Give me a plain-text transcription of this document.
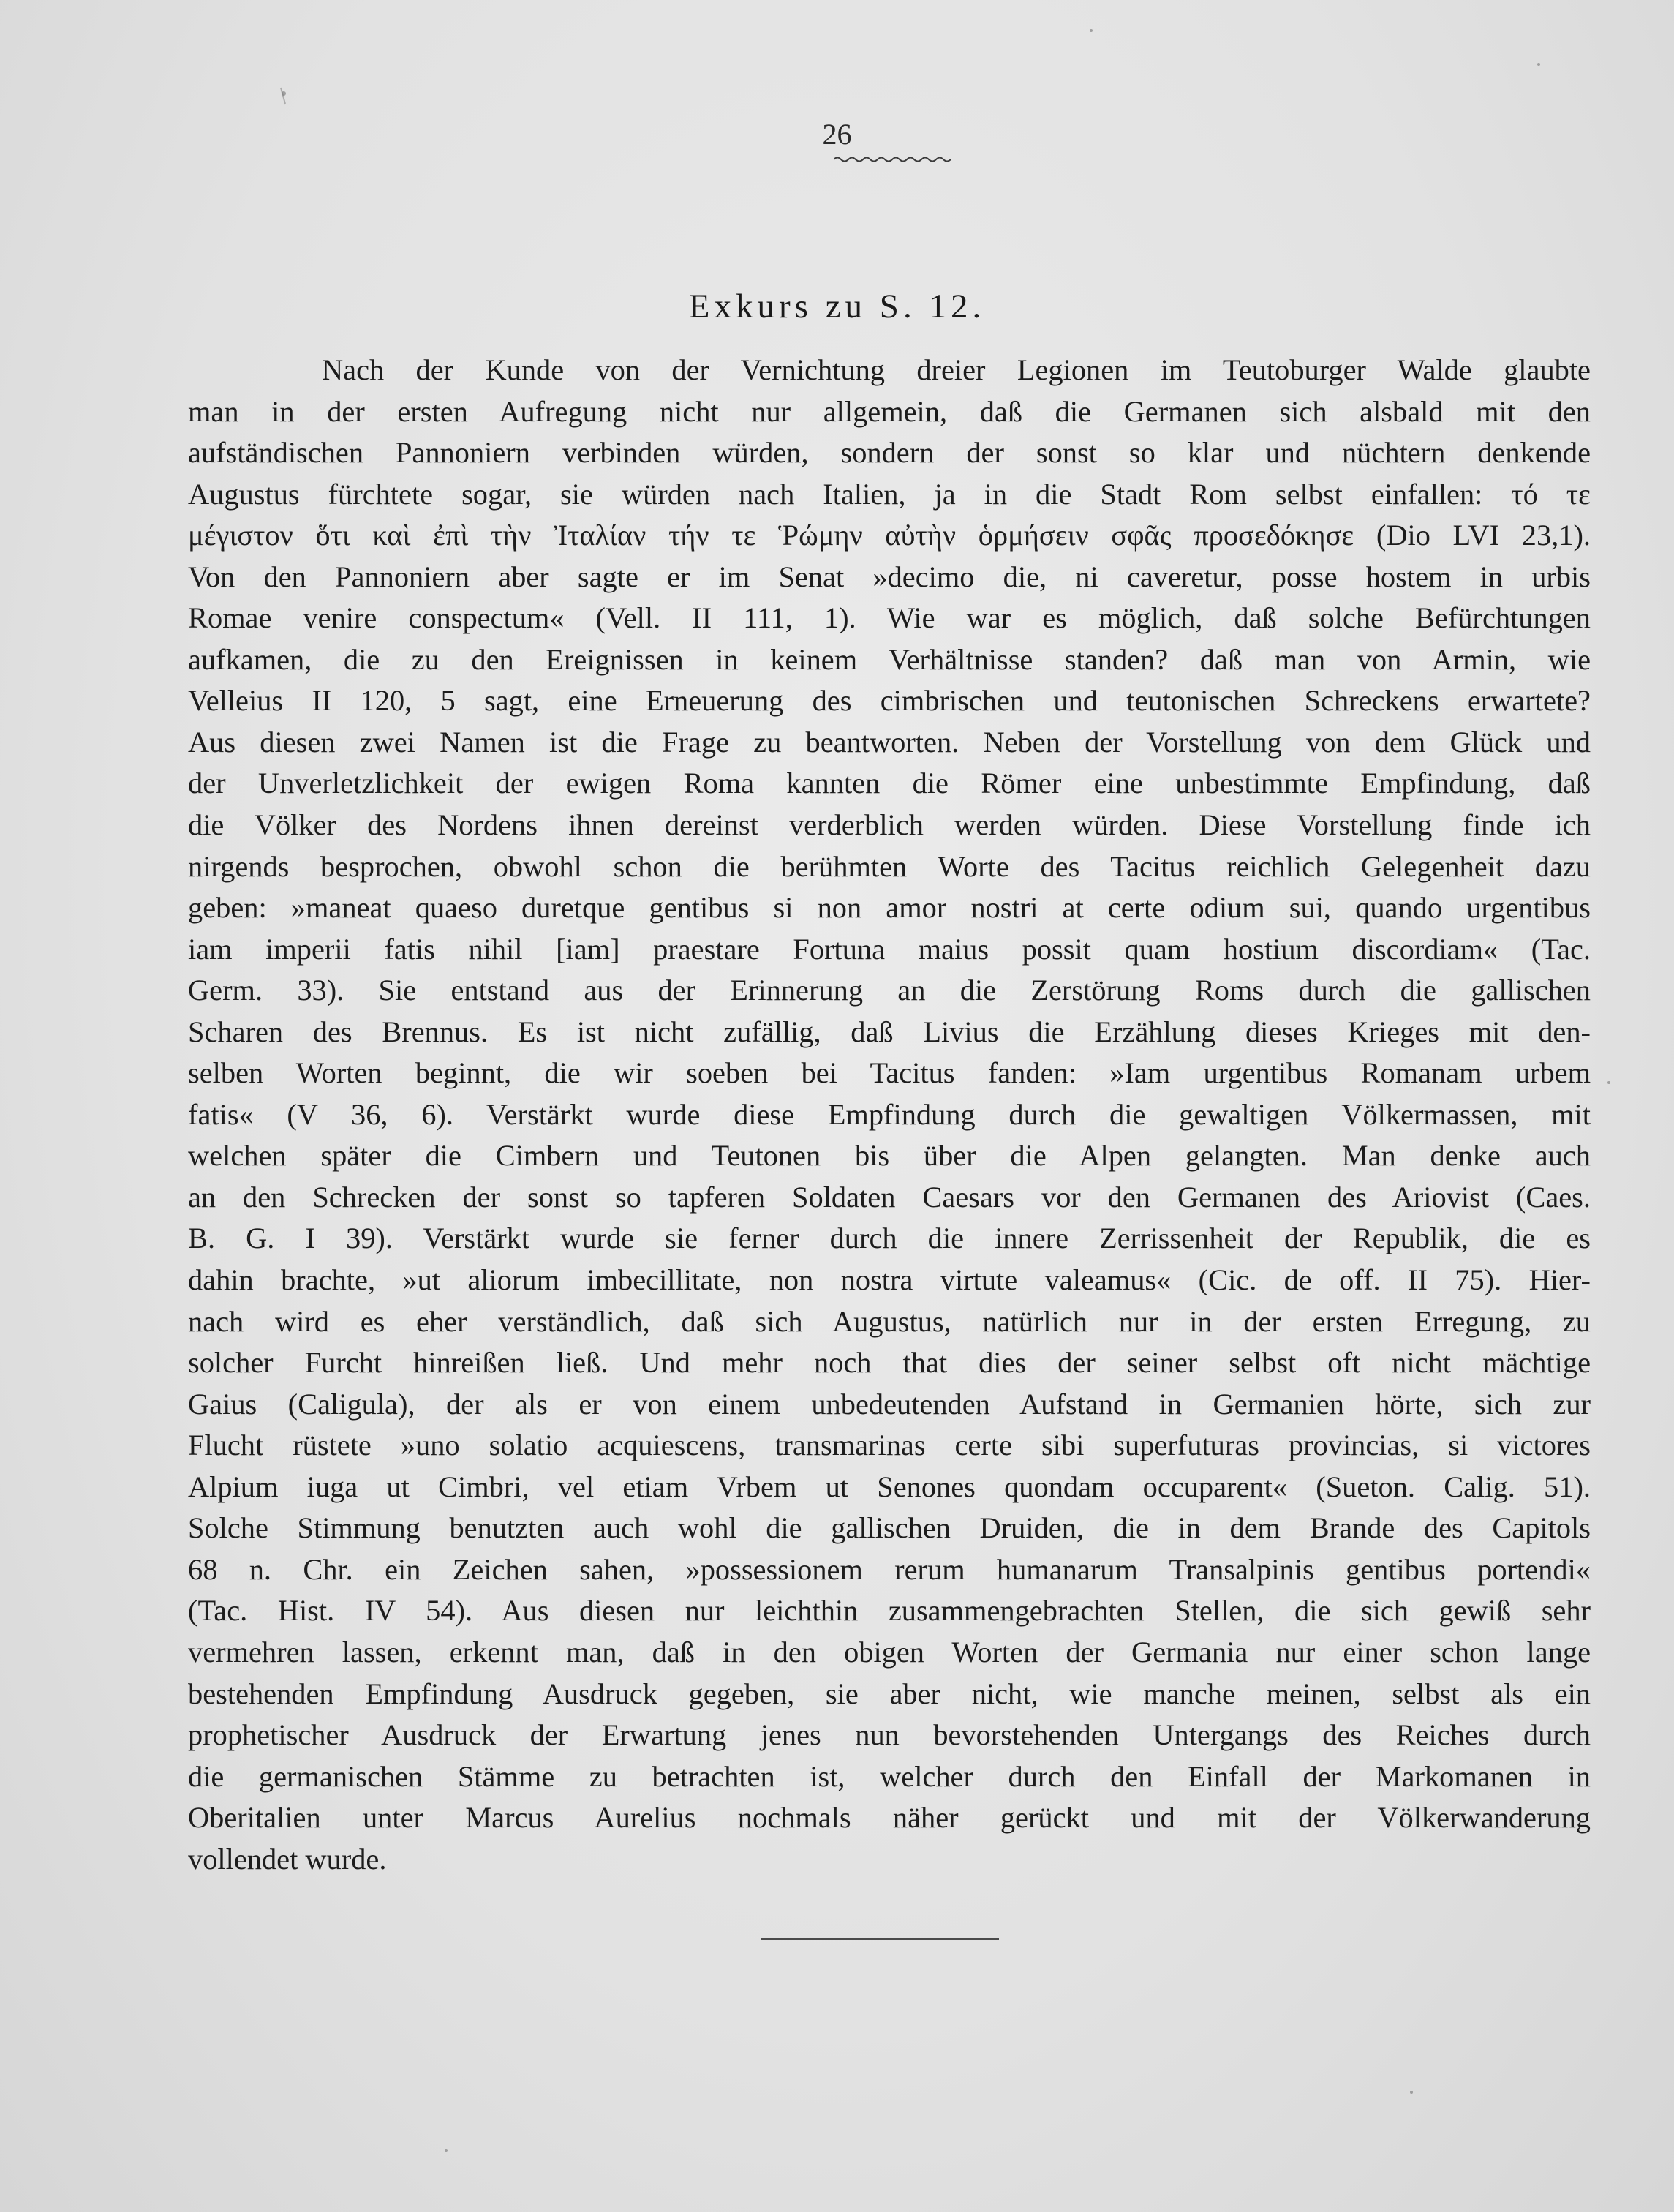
26
Exkurs zu S. 12.
Nach der Kunde von der Vernichtung dreier Legionen im Teutoburger Walde glaubte
man in der ersten Aufregung nicht nur allgemein, daß die Germanen sich alsbald mit den
aufständischen Pannoniern verbinden würden, sondern der sonst so klar und nüchtern denkende
Augustus fürchtete sogar, sie würden nach Italien, ja in die Stadt Rom selbst einfallen: τό τε
μέγιστον ὅτι καὶ ἐπὶ τὴν Ἰταλίαν τήν τε Ῥώμην αὐτὴν ὁρμήσειν σφᾶς προσεδόκησε (Dio LVI 23,1).
Von den Pannoniern aber sagte er im Senat »decimo die, ni caveretur, posse hostem in urbis
Romae venire conspectum« (Vell. II 111, 1). Wie war es möglich, daß solche Befürchtungen
aufkamen, die zu den Ereignissen in keinem Verhältnisse standen? daß man von Armin, wie
Velleius II 120, 5 sagt, eine Erneuerung des cimbrischen und teutonischen Schreckens erwartete?
Aus diesen zwei Namen ist die Frage zu beantworten. Neben der Vorstellung von dem Glück und
der Unverletzlichkeit der ewigen Roma kannten die Römer eine unbestimmte Empfindung, daß
die Völker des Nordens ihnen dereinst verderblich werden würden. Diese Vorstellung finde ich
nirgends besprochen, obwohl schon die berühmten Worte des Tacitus reichlich Gelegenheit dazu
geben: »maneat quaeso duretque gentibus si non amor nostri at certe odium sui, quando urgentibus
iam imperii fatis nihil [iam] praestare Fortuna maius possit quam hostium discordiam« (Tac.
Germ. 33). Sie entstand aus der Erinnerung an die Zerstörung Roms durch die gallischen
Scharen des Brennus. Es ist nicht zufällig, daß Livius die Erzählung dieses Krieges mit den-
selben Worten beginnt, die wir soeben bei Tacitus fanden: »Iam urgentibus Romanam urbem
fatis« (V 36, 6). Verstärkt wurde diese Empfindung durch die gewaltigen Völkermassen, mit
welchen später die Cimbern und Teutonen bis über die Alpen gelangten. Man denke auch
an den Schrecken der sonst so tapferen Soldaten Caesars vor den Germanen des Ariovist (Caes.
B. G. I 39). Verstärkt wurde sie ferner durch die innere Zerrissenheit der Republik, die es
dahin brachte, »ut aliorum imbecillitate, non nostra virtute valeamus« (Cic. de off. II 75). Hier-
nach wird es eher verständlich, daß sich Augustus, natürlich nur in der ersten Erregung, zu
solcher Furcht hinreißen ließ. Und mehr noch that dies der seiner selbst oft nicht mächtige
Gaius (Caligula), der als er von einem unbedeutenden Aufstand in Germanien hörte, sich zur
Flucht rüstete »uno solatio acquiescens, transmarinas certe sibi superfuturas provincias, si victores
Alpium iuga ut Cimbri, vel etiam Vrbem ut Senones quondam occuparent« (Sueton. Calig. 51).
Solche Stimmung benutzten auch wohl die gallischen Druiden, die in dem Brande des Capitols
68 n. Chr. ein Zeichen sahen, »possessionem rerum humanarum Transalpinis gentibus portendi«
(Tac. Hist. IV 54). Aus diesen nur leichthin zusammengebrachten Stellen, die sich gewiß sehr
vermehren lassen, erkennt man, daß in den obigen Worten der Germania nur einer schon lange
bestehenden Empfindung Ausdruck gegeben, sie aber nicht, wie manche meinen, selbst als ein
prophetischer Ausdruck der Erwartung jenes nun bevorstehenden Untergangs des Reiches durch
die germanischen Stämme zu betrachten ist, welcher durch den Einfall der Markomanen in
Oberitalien unter Marcus Aurelius nochmals näher gerückt und mit der Völkerwanderung
vollendet wurde.
